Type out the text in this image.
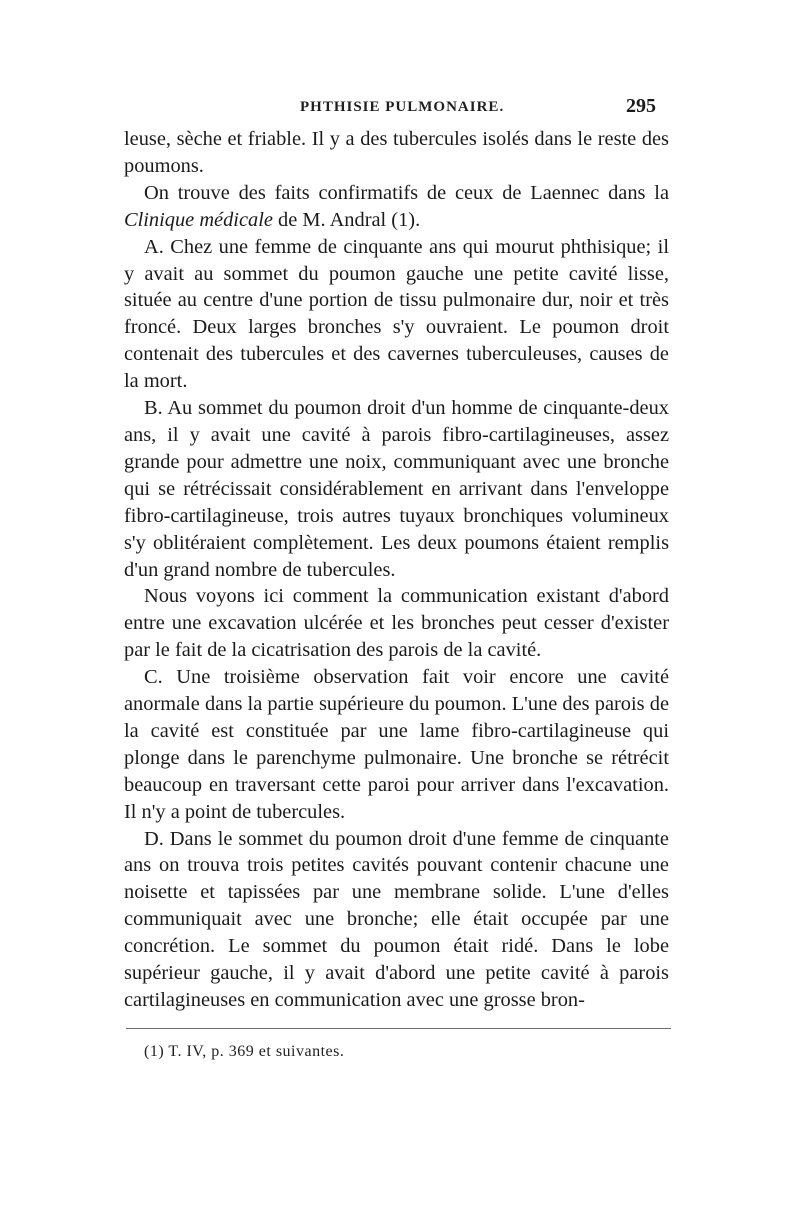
PHTHISIE PULMONAIRE.	295

leuse, sèche et friable. Il y a des tubercules isolés dans le reste des poumons.

On trouve des faits confirmatifs de ceux de Laennec dans la Clinique médicale de M. Andral (1).

A. Chez une femme de cinquante ans qui mourut phthisique; il y avait au sommet du poumon gauche une petite cavité lisse, située au centre d'une portion de tissu pulmonaire dur, noir et très froncé. Deux larges bronches s'y ouvraient. Le poumon droit contenait des tubercules et des cavernes tuberculeuses, causes de la mort.

B. Au sommet du poumon droit d'un homme de cinquante-deux ans, il y avait une cavité à parois fibro-cartilagineuses, assez grande pour admettre une noix, communiquant avec une bronche qui se rétrécissait considérablement en arrivant dans l'enveloppe fibro-cartilagineuse, trois autres tuyaux bronchiques volumineux s'y oblitéraient complètement. Les deux poumons étaient remplis d'un grand nombre de tubercules.

Nous voyons ici comment la communication existant d'abord entre une excavation ulcérée et les bronches peut cesser d'exister par le fait de la cicatrisation des parois de la cavité.

C. Une troisième observation fait voir encore une cavité anormale dans la partie supérieure du poumon. L'une des parois de la cavité est constituée par une lame fibro-cartilagineuse qui plonge dans le parenchyme pulmonaire. Une bronche se rétrécit beaucoup en traversant cette paroi pour arriver dans l'excavation. Il n'y a point de tubercules.

D. Dans le sommet du poumon droit d'une femme de cinquante ans on trouva trois petites cavités pouvant contenir chacune une noisette et tapissées par une membrane solide. L'une d'elles communiquait avec une bronche; elle était occupée par une concrétion. Le sommet du poumon était ridé. Dans le lobe supérieur gauche, il y avait d'abord une petite cavité à parois cartilagineuses en communication avec une grosse bron-

(1) T. IV, p. 369 et suivantes.
